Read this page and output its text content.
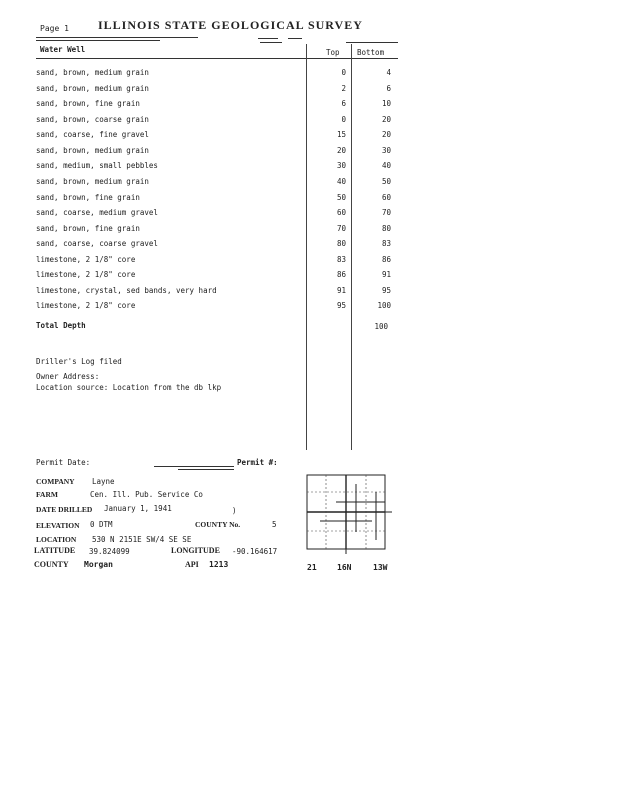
Page 1 ILLINOIS STATE GEOLOGICAL SURVEY
Water Well	Top Bottom
sand, brown, medium grain	0	4
sand, brown, medium grain	2	6
sand, brown, fine grain	6	10
sand, brown, coarse grain	0	20
sand, coarse, fine gravel	15	20
sand, brown, medium grain	20	30
sand, medium, small pebbles	30	40
sand, brown, medium grain	40	50
sand, brown, fine grain	50	60
sand, coarse, medium gravel	60	70
sand, brown, fine grain	70	80
sand, coarse, coarse gravel	80	83
limestone, 2 1/8" core	83	86
limestone, 2 1/8" core	86	91
limestone, crystal, sed bands, very hard	91	95
limestone, 2 1/8" core	95	100
Total Depth	100
Driller's Log filed
Owner Address:
Location source: Location from the db lkp
Permit Date:	Permit #:
COMPANY Layne
FARM	Cen. Ill. Pub. Service Co
DATE DRILLED January 1, 1941	)
ELEVATION 0 DTM	COUNTY No.	5
LOCATION 530 N 2151E SW/4 SE SE
LATITUDE 39.824099	LONGITUDE -90.164617
COUNTY Morgan	API 1213	21	16N	13W
